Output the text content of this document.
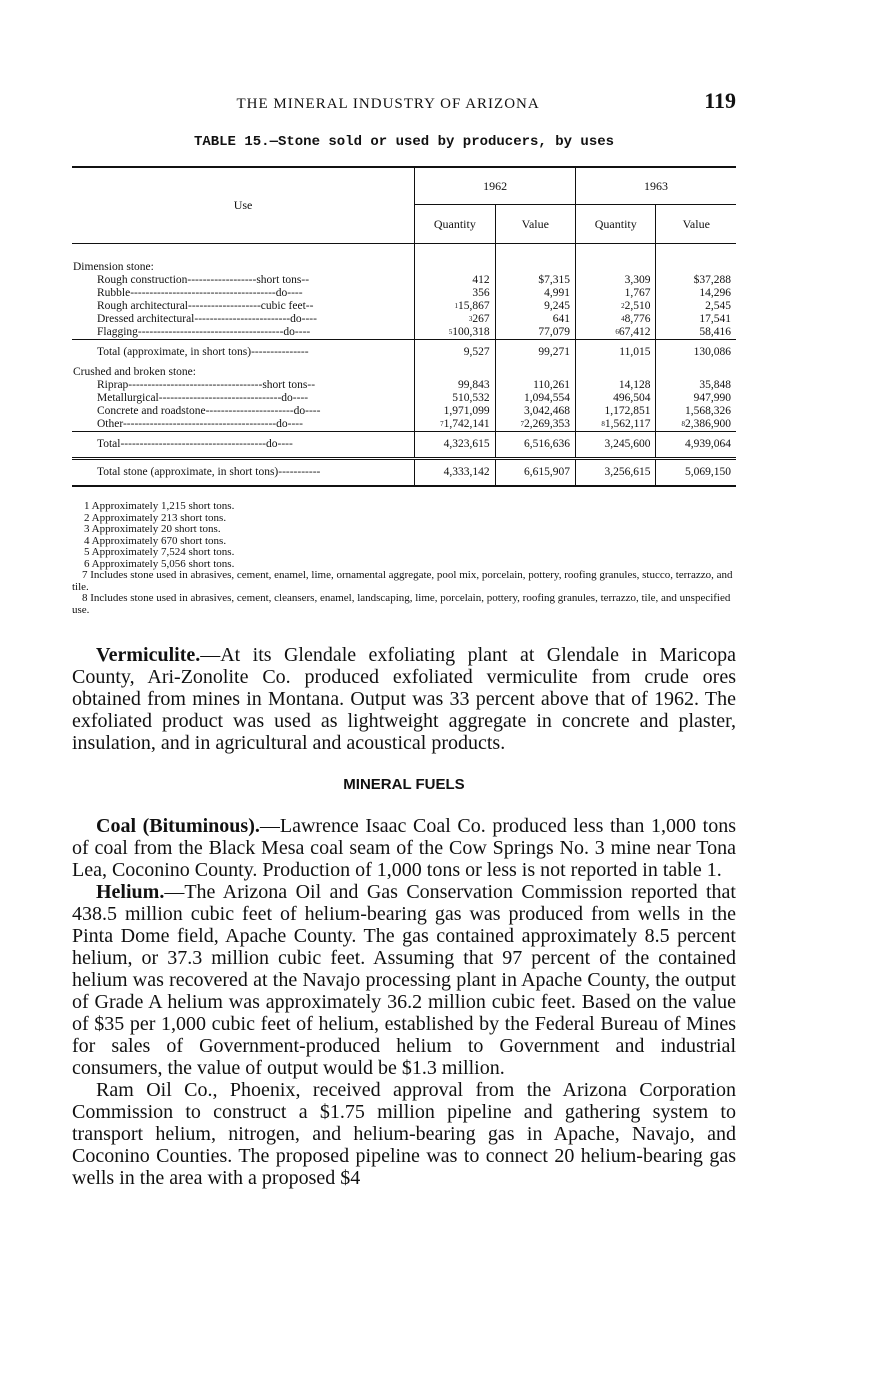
THE MINERAL INDUSTRY OF ARIZONA	119
TABLE 15.—Stone sold or used by producers, by uses
Use	1962		1963	
	Quantity	Value	Quantity	Value

Dimension stone:				
Rough construction------------------short tons--	412	$7,315	3,309	$37,288
Rubble--------------------------------------do----	356	4,991	1,767	14,296
Rough architectural-------------------cubic feet--	$^1$15,867	9,245	$^2$2,510	2,545
Dressed architectural-------------------------do----	$^3$267	641	$^4$8,776	17,541
Flagging--------------------------------------do----	$^5$100,318	77,079	$^6$67,412	58,416
Total (approximate, in short tons)---------------	9,527	99,271	11,015	130,086
Crushed and broken stone:				
Riprap-----------------------------------short tons--	99,843	110,261	14,128	35,848
Metallurgical--------------------------------do----	510,532	1,094,554	496,504	947,990
Concrete and roadstone-----------------------do----	1,971,099	3,042,468	1,172,851	1,568,326
Other----------------------------------------do----	$^7$1,742,141	$^7$2,269,353	$^8$1,562,117	$^8$2,386,900
Total--------------------------------------do----	4,323,615	6,516,636	3,245,600	4,939,064
Total stone (approximate, in short tons)-----------	4,333,142	6,615,907	3,256,615	5,069,150
1 Approximately 1,215 short tons.
2 Approximately 213 short tons.
3 Approximately 20 short tons.
4 Approximately 670 short tons.
5 Approximately 7,524 short tons.
6 Approximately 5,056 short tons.
7 Includes stone used in abrasives, cement, enamel, lime, ornamental aggregate, pool mix, porcelain, pottery, roofing granules, stucco, terrazzo, and tile.
8 Includes stone used in abrasives, cement, cleansers, enamel, landscaping, lime, porcelain, pottery, roofing granules, terrazzo, tile, and unspecified use.

Vermiculite.—At its Glendale exfoliating plant at Glendale in Maricopa County, Ari-Zonolite Co. produced exfoliated vermiculite from crude ores obtained from mines in Montana. Output was 33 percent above that of 1962. The exfoliated product was used as lightweight aggregate in concrete and plaster, insulation, and in agricultural and acoustical products.

MINERAL FUELS

Coal (Bituminous).—Lawrence Isaac Coal Co. produced less than 1,000 tons of coal from the Black Mesa coal seam of the Cow Springs No. 3 mine near Tona Lea, Coconino County. Production of 1,000 tons or less is not reported in table 1.

Helium.—The Arizona Oil and Gas Conservation Commission reported that 438.5 million cubic feet of helium-bearing gas was produced from wells in the Pinta Dome field, Apache County. The gas contained approximately 8.5 percent helium, or 37.3 million cubic feet. Assuming that 97 percent of the contained helium was recovered at the Navajo processing plant in Apache County, the output of Grade A helium was approximately 36.2 million cubic feet. Based on the value of $35 per 1,000 cubic feet of helium, established by the Federal Bureau of Mines for sales of Government-produced helium to Government and industrial consumers, the value of output would be $1.3 million.

Ram Oil Co., Phoenix, received approval from the Arizona Corporation Commission to construct a $1.75 million pipeline and gathering system to transport helium, nitrogen, and helium-bearing gas in Apache, Navajo, and Coconino Counties. The proposed pipeline was to connect 20 helium-bearing gas wells in the area with a proposed $4
